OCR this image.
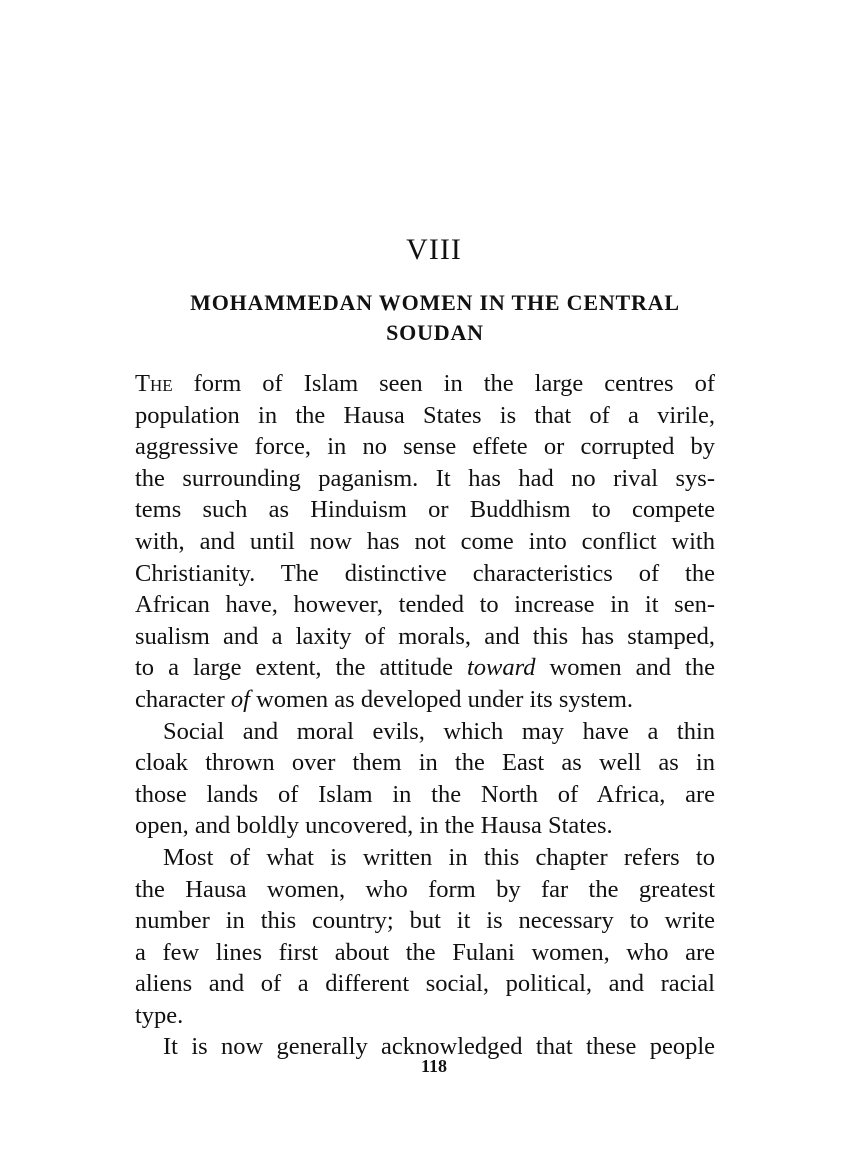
VIII
MOHAMMEDAN WOMEN IN THE CENTRAL
SOUDAN
The form of Islam seen in the large centres of
population in the Hausa States is that of a virile,
aggressive force, in no sense effete or corrupted by
the surrounding paganism. It has had no rival sys-
tems such as Hinduism or Buddhism to compete
with, and until now has not come into conflict with
Christianity. The distinctive characteristics of the
African have, however, tended to increase in it sen-
sualism and a laxity of morals, and this has stamped,
to a large extent, the attitude toward women and the
character of women as developed under its system.
Social and moral evils, which may have a thin
cloak thrown over them in the East as well as in
those lands of Islam in the North of Africa, are
open, and boldly uncovered, in the Hausa States.
Most of what is written in this chapter refers to
the Hausa women, who form by far the greatest
number in this country; but it is necessary to write
a few lines first about the Fulani women, who are
aliens and of a different social, political, and racial
type.
It is now generally acknowledged that these people
118
